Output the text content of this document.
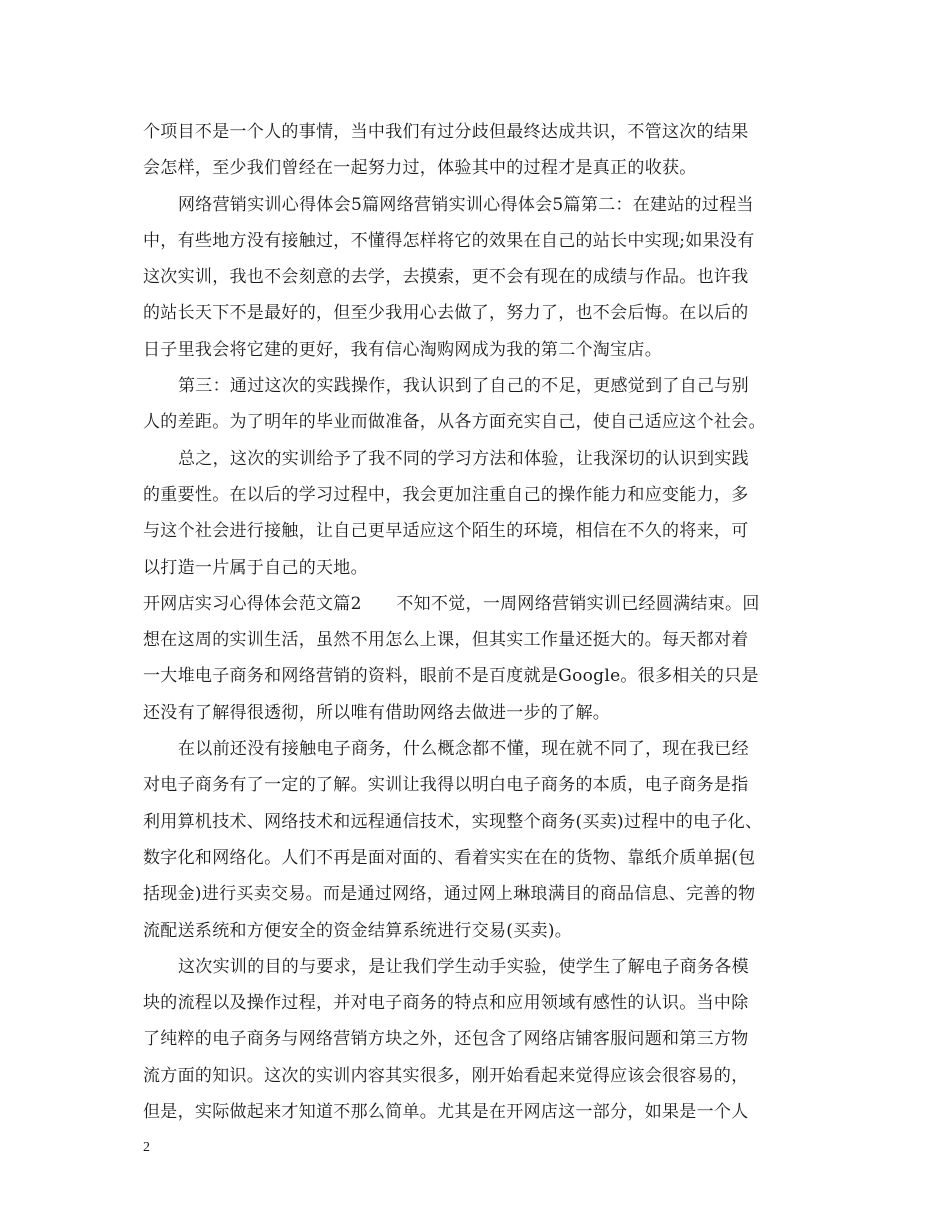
个项目不是一个人的事情，当中我们有过分歧但最终达成共识，不管这次的结果
会怎样，至少我们曾经在一起努力过，体验其中的过程才是真正的收获。
网络营销实训心得体会5篇网络营销实训心得体会5篇第二：在建站的过程当
中，有些地方没有接触过，不懂得怎样将它的效果在自己的站长中实现;如果没有
这次实训，我也不会刻意的去学，去摸索，更不会有现在的成绩与作品。也许我
的站长天下不是最好的，但至少我用心去做了，努力了，也不会后悔。在以后的
日子里我会将它建的更好，我有信心淘购网成为我的第二个淘宝店。
第三：通过这次的实践操作，我认识到了自己的不足，更感觉到了自己与别
人的差距。为了明年的毕业而做准备，从各方面充实自己，使自己适应这个社会。
总之，这次的实训给予了我不同的学习方法和体验，让我深切的认识到实践
的重要性。在以后的学习过程中，我会更加注重自己的操作能力和应变能力，多
与这个社会进行接触，让自己更早适应这个陌生的环境，相信在不久的将来，可
以打造一片属于自己的天地。
开网店实习心得体会范文篇2　　不知不觉，一周网络营销实训已经圆满结束。回
想在这周的实训生活，虽然不用怎么上课，但其实工作量还挺大的。每天都对着
一大堆电子商务和网络营销的资料，眼前不是百度就是Google。很多相关的只是
还没有了解得很透彻，所以唯有借助网络去做进一步的了解。
在以前还没有接触电子商务，什么概念都不懂，现在就不同了，现在我已经
对电子商务有了一定的了解。实训让我得以明白电子商务的本质，电子商务是指
利用算机技术、网络技术和远程通信技术，实现整个商务(买卖)过程中的电子化、
数字化和网络化。人们不再是面对面的、看着实实在在的货物、靠纸介质单据(包
括现金)进行买卖交易。而是通过网络，通过网上琳琅满目的商品信息、完善的物
流配送系统和方便安全的资金结算系统进行交易(买卖)。
这次实训的目的与要求，是让我们学生动手实验，使学生了解电子商务各模
块的流程以及操作过程，并对电子商务的特点和应用领域有感性的认识。当中除
了纯粹的电子商务与网络营销方块之外，还包含了网络店铺客服问题和第三方物
流方面的知识。这次的实训内容其实很多，刚开始看起来觉得应该会很容易的，
但是，实际做起来才知道不那么简单。尤其是在开网店这一部分，如果是一个人
2
